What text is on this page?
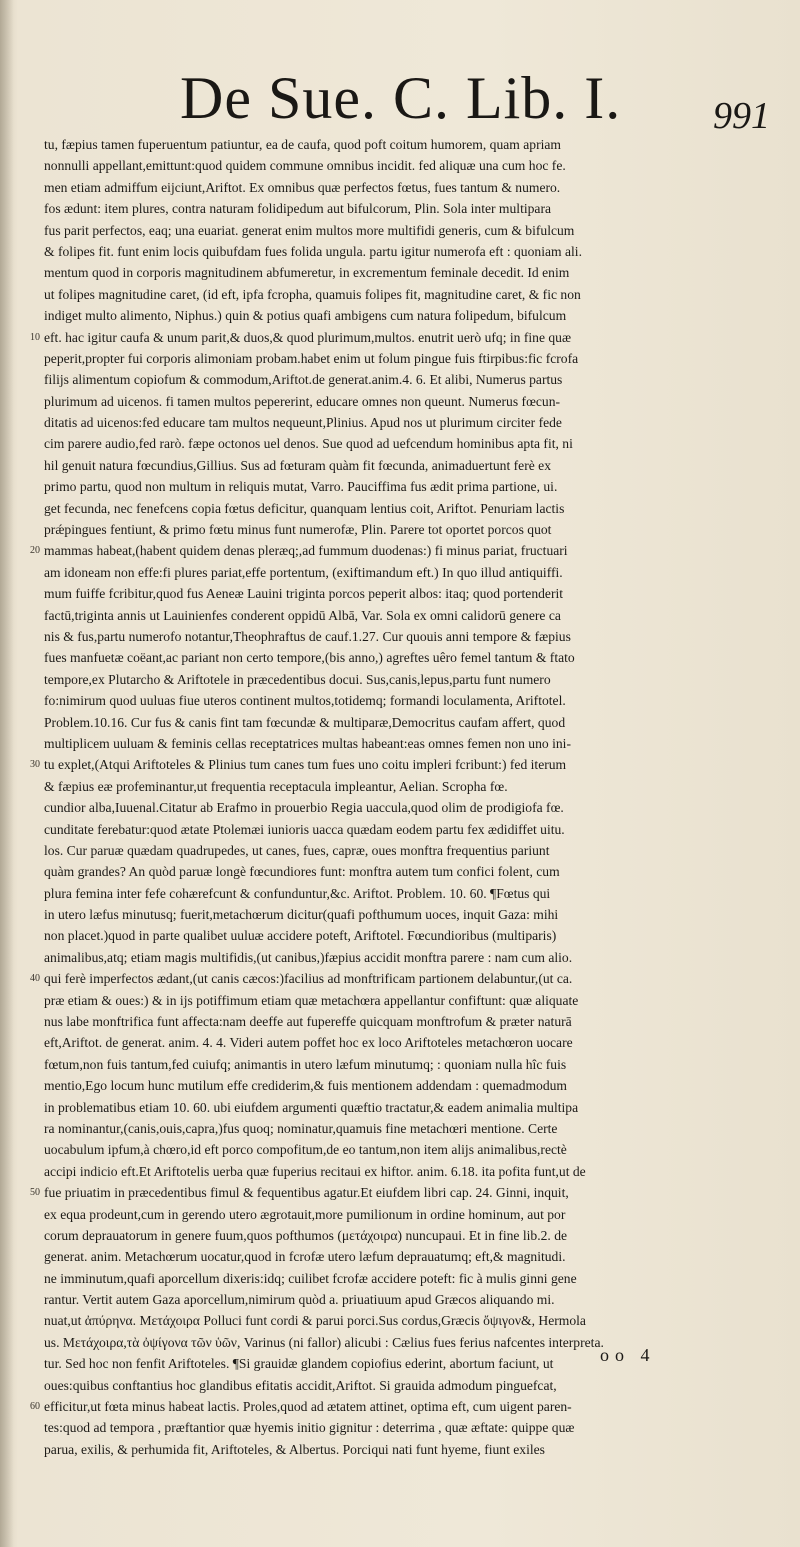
De Sue. C. Lib. I. 991
tu, fæpius tamen fuperuentum patiuntur, ea de caufa, quod poft coitum humorem, quam apriam
nonnulli appellant,emittunt:quod quidem commune omnibus incidit. fed aliquæ una cum hoc fe.
men etiam admiffum eijciunt,Ariftot. Ex omnibus quæ perfectos fœtus, fues tantum & numero.
fos ædunt: item plures, contra naturam folidipedum aut bifulcorum, Plin. Sola inter multipara
fus parit perfectos, eaq; una euariat. generat enim multos more multifidi generis, cum & bifulcum
& folipes fit. funt enim locis quibufdam fues folida ungula. partu igitur numerofa eft : quoniam ali.
mentum quod in corporis magnitudinem abfumeretur, in excrementum feminale decedit. Id enim
ut folipes magnitudine caret, (id eft, ipfa fcropha, quamuis folipes fit, magnitudine caret, & fic non
indiget multo alimento, Niphus.) quin & potius quafi ambigens cum natura folipedum, bifulcum
10 eft. hac igitur caufa & unum parit,& duos,& quod plurimum,multos. enutrit uerò ufq; in fine quæ
peperit,propter fui corporis alimoniam probam.habet enim ut folum pingue fuis ftirpibus:fic fcrofa
filijs alimentum copiofum & commodum,Ariftot.de generat.anim.4. 6. Et alibi, Numerus partus
plurimum ad uicenos. fi tamen multos pepererint, educare omnes non queunt. Numerus fœcun-
ditatis ad uicenos:fed educare tam multos nequeunt,Plinius. Apud nos ut plurimum circiter fede
cim parere audio,fed rarò. fæpe octonos uel denos. Sue quod ad uefcendum hominibus apta fit, ni
hil genuit natura fœcundius,Gillius. Sus ad fœturam quàm fit fœcunda, animaduertunt ferè ex
primo partu, quod non multum in reliquis mutat, Varro. Pauciffima fus ædit prima partione, ui.
get fecunda, nec fenefcens copia fœtus deficitur, quanquam lentius coit, Ariftot. Penuriam lactis
prǽpingues fentiunt, & primo fœtu minus funt numerofæ, Plin. Parere tot oportet porcos quot
20 mammas habeat,(habent quidem denas pleræq;,ad fummum duodenas:) fi minus pariat, fructuari
am idoneam non effe:fi plures pariat,effe portentum, (exiftimandum eft.) In quo illud antiquiffi.
mum fuiffe fcribitur,quod fus Aeneæ Lauini triginta porcos peperit albos: itaq; quod portenderit
factū,triginta annis ut Lauinienfes conderent oppidū Albā, Var. Sola ex omni calidorū genere ca
nis & fus,partu numerofo notantur,Theophraftus de cauf.1.27. Cur quouis anni tempore & fæpius
fues manfuetæ coëant,ac pariant non certo tempore,(bis anno,) agreftes uêro femel tantum & ftato
tempore,ex Plutarcho & Ariftotele in præcedentibus docui. Sus,canis,lepus,partu funt numero
fo:nimirum quod uuluas fiue uteros continent multos,totidemq; formandi loculamenta, Ariftotel.
Problem.10.16. Cur fus & canis fint tam fœcundæ & multiparæ,Democritus caufam affert, quod
multiplicem uuluam & feminis cellas receptatrices multas habeant:eas omnes femen non uno ini-
30 tu explet,(Atqui Ariftoteles & Plinius tum canes tum fues uno coitu impleri fcribunt:) fed iterum
& fæpius eæ profeminantur,ut frequentia receptacula impleantur, Aelian. Scropha fœ.
cundior alba,Iuuenal.Citatur ab Erafmo in prouerbio Regia uaccula,quod olim de prodigiofa fœ.
cunditate ferebatur:quod ætate Ptolemæi iunioris uacca quædam eodem partu fex ædidiffet uitu.
los. Cur paruæ quædam quadrupedes, ut canes, fues, capræ, oues monftra frequentius pariunt
quàm grandes? An quòd paruæ longè fœcundiores funt: monftra autem tum confici folent, cum
plura femina inter fefe cohærefcunt & confunduntur,&c. Ariftot. Problem. 10. 60. ¶Fœtus qui
in utero læfus minutusq; fuerit,metachœrum dicitur(quafi pofthumum uoces, inquit Gaza: mihi
non placet.)quod in parte qualibet uuluæ accidere poteft, Ariftotel. Fœcundioribus (multiparis)
animalibus,atq; etiam magis multifidis,(ut canibus,)fæpius accidit monftra parere : nam cum alio.
40 qui ferè imperfectos ædant,(ut canis cæcos:)facilius ad monftrificam partionem delabuntur,(ut ca.
præ etiam & oues:) & in ijs potiffimum etiam quæ metachœra appellantur confiftunt: quæ aliquate
nus labe monftrifica funt affecta:nam deeffe aut fupereffe quicquam monftrofum & præter naturā
eft,Ariftot. de generat. anim. 4. 4. Videri autem poffet hoc ex loco Ariftoteles metachœron uocare
fœtum,non fuis tantum,fed cuiufq; animantis in utero læfum minutumq; : quoniam nulla hîc fuis
mentio,Ego locum hunc mutilum effe crediderim,& fuis mentionem addendam : quemadmodum
in problematibus etiam 10. 60. ubi eiufdem argumenti quæftio tractatur,& eadem animalia multipa
ra nominantur,(canis,ouis,capra,)fus quoq; nominatur,quamuis fine metachœri mentione. Certe
uocabulum ipfum,à chœro,id eft porco compofitum,de eo tantum,non item alijs animalibus,rectè
accipi indicio eft.Et Ariftotelis uerba quæ fuperius recitaui ex hiftor. anim. 6.18. ita pofita funt,ut de
50 fue priuatim in præcedentibus fimul & fequentibus agatur.Et eiufdem libri cap. 24. Ginni, inquit,
ex equa prodeunt,cum in gerendo utero ægrotauit,more pumilionum in ordine hominum, aut por
corum deprauatorum in genere fuum,quos pofthumos (μετάχοιρα) nuncupaui. Et in fine lib.2. de
generat. anim. Metachœrum uocatur,quod in fcrofæ utero læfum deprauatumq; eft,& magnitudi.
ne imminutum,quafi aporcellum dixeris:idq; cuilibet fcrofæ accidere poteft: fic à mulis ginni gene
rantur. Vertit autem Gaza aporcellum,nimirum quòd a. priuatiuum apud Græcos aliquando mi.
nuat,ut ἀπύρηνα. Μετάχοιρα Polluci funt cordi & parui porci.Sus cordus,Græcis ὄψιγον&, Hermola
us. Μετάχοιρα,τὰ ὀψίγονα τῶν ὑῶν, Varinus (ni fallor) alicubi : Cælius fues ferius nafcentes interpreta.
tur. Sed hoc non fenfit Ariftoteles. ¶Si grauidæ glandem copiofius ederint, abortum faciunt, ut
oues:quibus conftantius hoc glandibus efitatis accidit,Ariftot. Si grauida admodum pinguefcat,
60 efficitur,ut fœta minus habeat lactis. Proles,quod ad ætatem attinet, optima eft, cum uigent paren-
tes:quod ad tempora , præftantior quæ hyemis initio gignitur : deterrima , quæ æftate: quippe quæ
parua, exilis, & perhumida fit, Ariftoteles, & Albertus. Porciqui nati funt hyeme, fiunt exiles
oo 4
